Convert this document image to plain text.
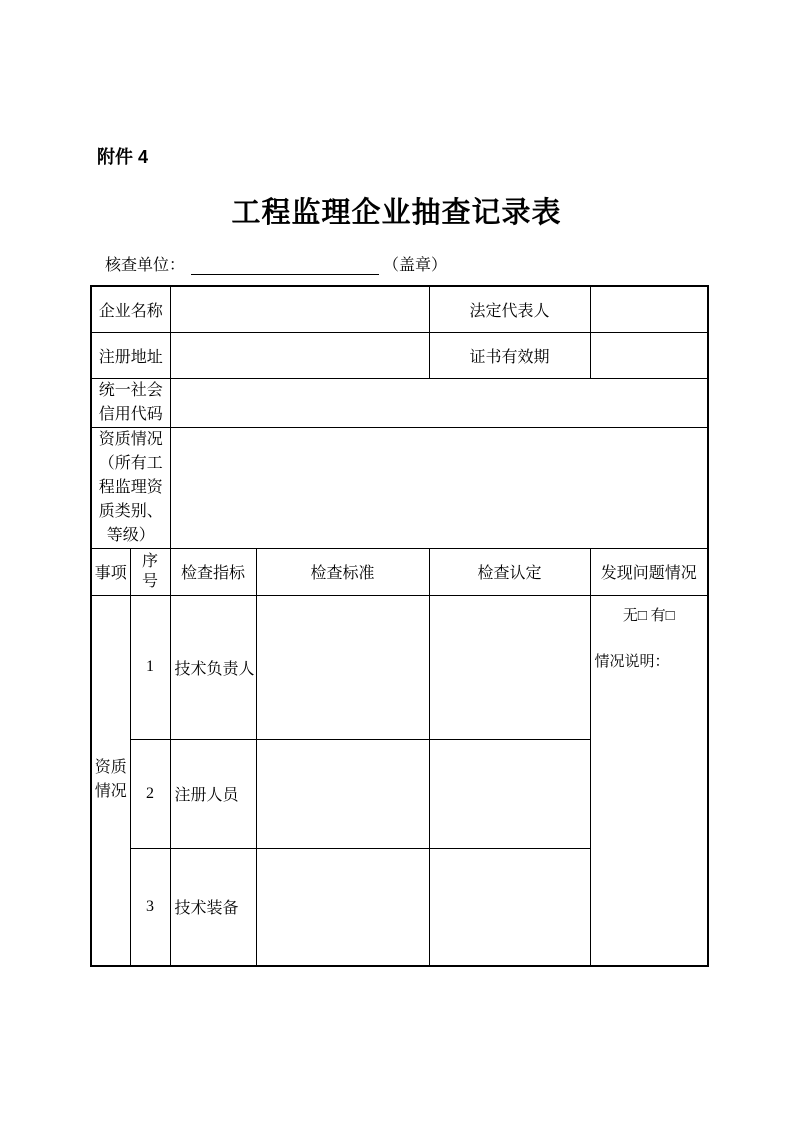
附件 4
工程监理企业抽查记录表
核查单位：	（盖章）
企业名称				法定代表人	
注册地址				证书有效期	

统一社会信用代码					

资质情况（所有工程监理资质类别、等级）					

事项	序号	检查指标	检查标准	检查认定	发现问题情况

资质情况	1	技术负责人			无□ 有□
情况说明：

	2	注册人员			
	3	技术装备			
